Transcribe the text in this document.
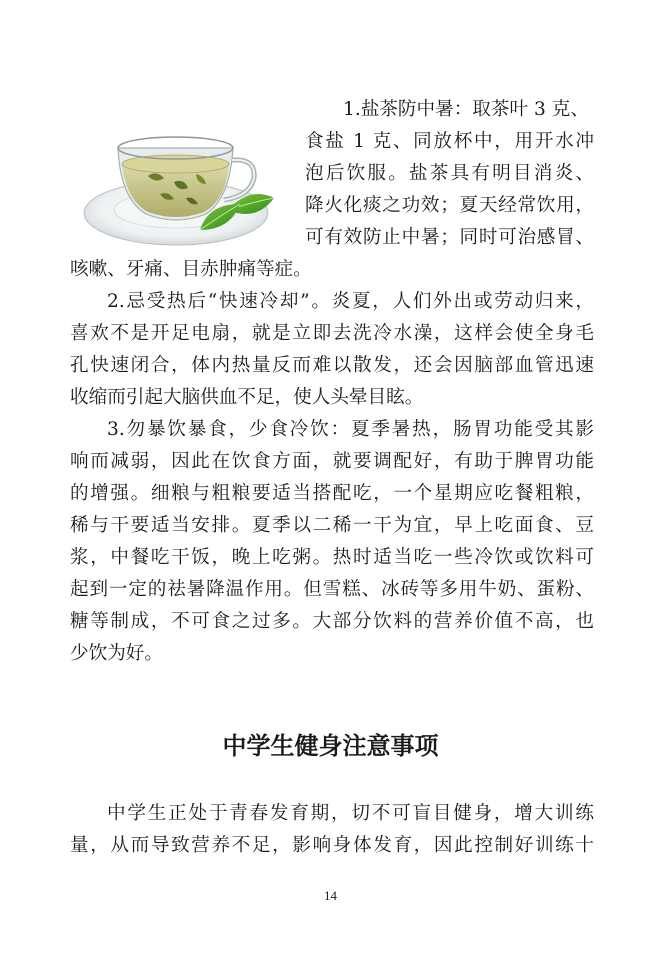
1.盐茶防中暑：取茶叶 3 克、
食盐 1 克、同放杯中，用开水冲
泡后饮服。盐茶具有明目消炎、
降火化痰之功效；夏天经常饮用，
可有效防止中暑；同时可治感冒、
咳嗽、牙痛、目赤肿痛等症。
2.忌受热后“快速冷却”。炎夏，人们外出或劳动归来，
喜欢不是开足电扇，就是立即去洗冷水澡，这样会使全身毛
孔快速闭合，体内热量反而难以散发，还会因脑部血管迅速
收缩而引起大脑供血不足，使人头晕目眩。
3.勿暴饮暴食，少食冷饮：夏季暑热，肠胃功能受其影
响而减弱，因此在饮食方面，就要调配好，有助于脾胃功能
的增强。细粮与粗粮要适当搭配吃，一个星期应吃餐粗粮，
稀与干要适当安排。夏季以二稀一干为宜，早上吃面食、豆
浆，中餐吃干饭，晚上吃粥。热时适当吃一些冷饮或饮料可
起到一定的祛暑降温作用。但雪糕、冰砖等多用牛奶、蛋粉、
糖等制成，不可食之过多。大部分饮料的营养价值不高，也
少饮为好。
中学生健身注意事项
中学生正处于青春发育期，切不可盲目健身，增大训练
量，从而导致营养不足，影响身体发育，因此控制好训练十
14
